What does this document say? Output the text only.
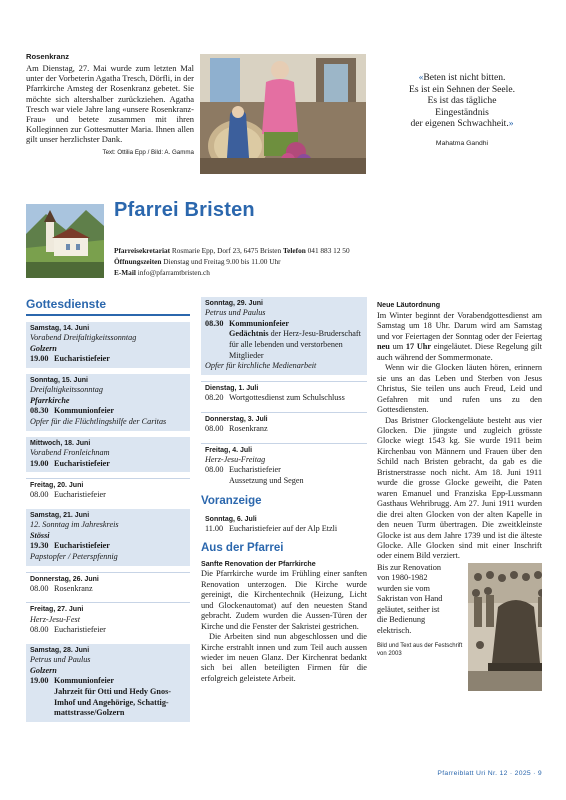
Rosenkranz
Am Dienstag, 27. Mai wurde zum letzten Mal unter der Vorbeterin Agatha Tresch, Dörfli, in der Pfarrkirche Amsteg der Rosenkranz gebetet. Sie möchte sich altershalber zurückziehen. Agatha Tresch war viele Jahre lang «unsere Rosenkranz-Frau» und betete zusammen mit ihren Kolleginnen zur Gottesmutter Maria. Ihnen allen gilt unser herzlichster Dank.
Text: Ottilia Epp / Bild: A. Gamma
«Beten ist nicht bitten.
Es ist ein Sehnen der Seele.
Es ist das tägliche
Eingeständnis
der eigenen Schwachheit.»
Mahatma Gandhi
Pfarrei Bristen
Pfarreisekretariat Rosmarie Epp, Dorf 23, 6475 Bristen Telefon 041 883 12 50
Öffnungszeiten Dienstag und Freitag 9.00 bis 11.00 Uhr
E-Mail info@pfarramtbristen.ch
Gottesdienste
Samstag, 14. Juni
Vorabend Dreifaltigkeitssonntag
Golzern
19.00 Eucharistiefeier
Sonntag, 15. Juni
Dreifaltigkeitssonntag
Pfarrkirche
08.30 Kommunionfeier
Opfer für die Flüchtlingshilfe der Caritas
Mittwoch, 18. Juni
Vorabend Fronleichnam
19.00 Eucharistiefeier
Freitag, 20. Juni
08.00 Eucharistiefeier
Samstag, 21. Juni
12. Sonntag im Jahreskreis
Stössi
19.30 Eucharistiefeier
Papstopfer / Peterspfennig
Donnerstag, 26. Juni
08.00 Rosenkranz
Freitag, 27. Juni
Herz-Jesu-Fest
08.00 Eucharistiefeier
Samstag, 28. Juni
Petrus und Paulus
Golzern
19.00 Kommunionfeier
Jahrzeit für Otti und Hedy Gnos-Imhof und Angehörige, Schattig-mattstrasse/Golzern
Sonntag, 29. Juni
Petrus und Paulus
08.30 Kommunionfeier
Gedächtnis der Herz-Jesu-Bruderschaft für alle lebenden und verstorbenen Mitglieder
Opfer für kirchliche Medienarbeit
Dienstag, 1. Juli
08.20 Wortgottesdienst zum Schulschluss
Donnerstag, 3. Juli
08.00 Rosenkranz
Freitag, 4. Juli
Herz-Jesu-Freitag
08.00 Eucharistiefeier
Aussetzung und Segen
Voranzeige
Sonntag, 6. Juli
11.00 Eucharistiefeier auf der Alp Etzli
Aus der Pfarrei
Sanfte Renovation der Pfarrkirche

Die Pfarrkirche wurde im Frühling einer sanften Renovation unterzogen. Die Kirche wurde gereinigt, die Kirchentechnik (Heizung, Licht und Glockenautomat) auf den neuesten Stand gebracht. Zudem wurden die Aussen-Türen der Kirche und die Fenster der Sakristei gestrichen.

Die Arbeiten sind nun abgeschlossen und die Kirche erstrahlt innen und zum Teil auch aussen wieder im neuen Glanz. Der Kirchenrat bedankt sich bei allen beteiligten Firmen für die erfolgreich geleistete Arbeit.

Neue Läutordnung

Im Winter beginnt der Vorabendgottesdienst am Samstag um 18 Uhr. Darum wird am Samstag und vor Feiertagen der Sonntag oder der Feiertag neu um 17 Uhr eingeläutet. Diese Regelung gilt auch während der Sommermonate.

Wenn wir die Glocken läuten hören, erinnern sie uns an das Leben und Sterben von Jesus Christus, Sie teilen uns auch Freud, Leid und Gefahren mit und rufen uns zu den Gottesdiensten.

Das Bristner Glockengeläute besteht aus vier Glocken. Die jüngste und zugleich grösste Glocke wiegt 1543 kg. Sie wurde 1911 beim Kirchenbau von Männern und Frauen über den Schild nach Bristen gebracht, da gab es die Bristnerstrasse noch nicht. Am 18. Juni 1911 wurde die grosse Glocke geweiht, die Paten waren Emanuel und Franziska Epp-Lussmann Gasthaus Wehribrugg. Am 27. Juni 1911 wurden die drei alten Glocken von der alten Kapelle in den neuen Turm übertragen. Die zweitkleinste Glocke ist aus dem Jahre 1739 und ist die älteste Glocke. Alle Glocken sind mit einer Inschrift oder einem Bild verziert.

Bis zur Renovation von 1980-1982 wurden sie vom Sakristan von Hand geläutet, seither ist die Bedienung elektrisch.
Bild und Text aus der Festschrift von 2003
Pfarreiblatt Uri Nr. 12 · 2025 · 9
